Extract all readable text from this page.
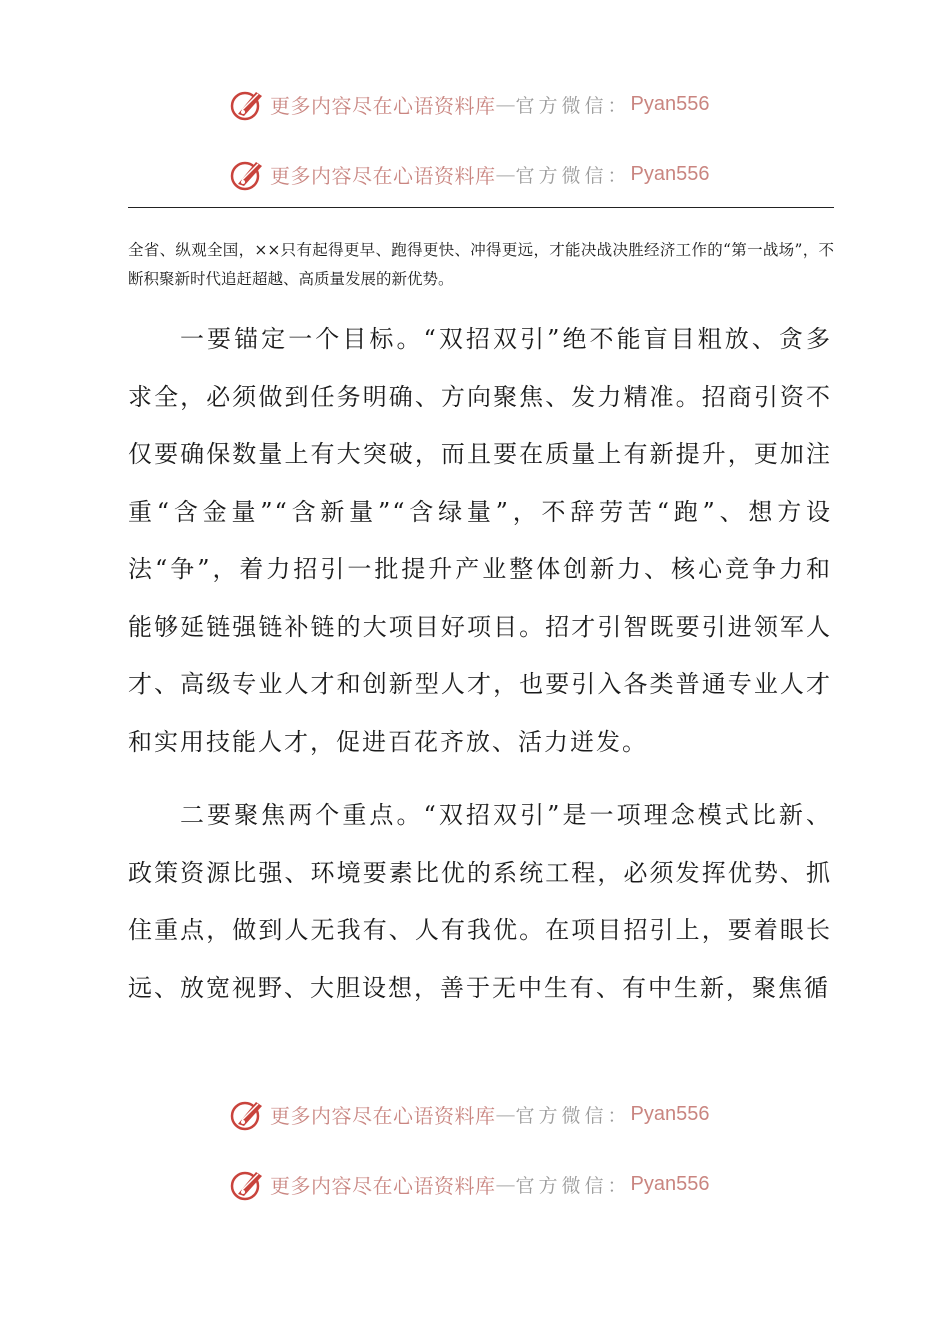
更多内容尽在心语资料库 — 官方微信： Pyan556
更多内容尽在心语资料库 — 官方微信： Pyan556

全省、纵观全国，××只有起得更早、跑得更快、冲得更远，才能决战决胜经济工作的“第一战场”，不断积聚新时代追赶超越、高质量发展的新优势。

一要锚定一个目标。“双招双引”绝不能盲目粗放、贪多求全，必须做到任务明确、方向聚焦、发力精准。招商引资不仅要确保数量上有大突破，而且要在质量上有新提升，更加注重“含金量”“含新量”“含绿量”，不辞劳苦“跑”、想方设法“争”，着力招引一批提升产业整体创新力、核心竞争力和能够延链强链补链的大项目好项目。招才引智既要引进领军人才、高级专业人才和创新型人才，也要引入各类普通专业人才和实用技能人才，促进百花齐放、活力迸发。

二要聚焦两个重点。“双招双引”是一项理念模式比新、政策资源比强、环境要素比优的系统工程，必须发挥优势、抓住重点，做到人无我有、人有我优。在项目招引上，要着眼长远、放宽视野、大胆设想，善于无中生有、有中生新，聚焦循

更多内容尽在心语资料库 — 官方微信： Pyan556
更多内容尽在心语资料库 — 官方微信： Pyan556
